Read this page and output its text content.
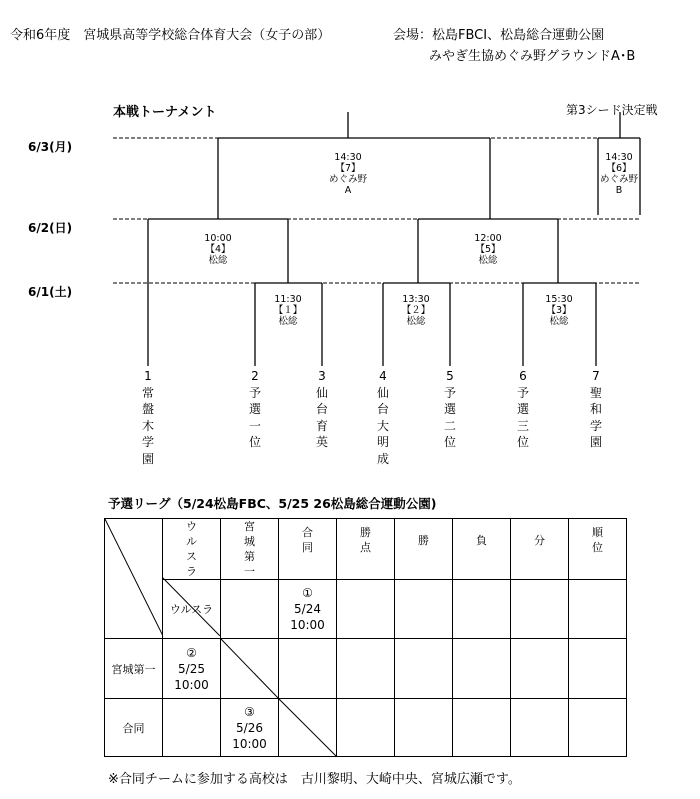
令和6年度　宮城県高等学校総合体育大会（女子の部）	会場：松島FBCⅠ、松島総合運動公園
みやぎ生協めぐみ野グラウンドA･B
本戦トーナメント	第3シード決定戦
6/3(月)
6/2(日)
6/1(土)
14:30
【7】
めぐみ野
A
14:30
【6】
めぐみ野
B
10:00
【4】
松総
12:00
【5】
松総
11:30
【１】
松総
13:30
【２】
松総
15:30
【3】
松総
1
常
盤
木
学
園
2
予
選
一
位
3
仙
台
育
英
4
仙
台
大
明
成
5
予
選
二
位
6
予
選
三
位
7
聖
和
学
園
予選リーグ（5/24松島FBC、5/25 26松島総合運動公園)

ウ
ル
ス
ラ	宮
城
第
一	合
同	勝
点	勝	負	分	順
位

	ウルスラ		①
5/24
10:00					

宮城第一	②
5/25
10:00

合同		③
5/26
10:00

※合同チームに参加する高校は　古川黎明、大崎中央、宮城広瀬です。
